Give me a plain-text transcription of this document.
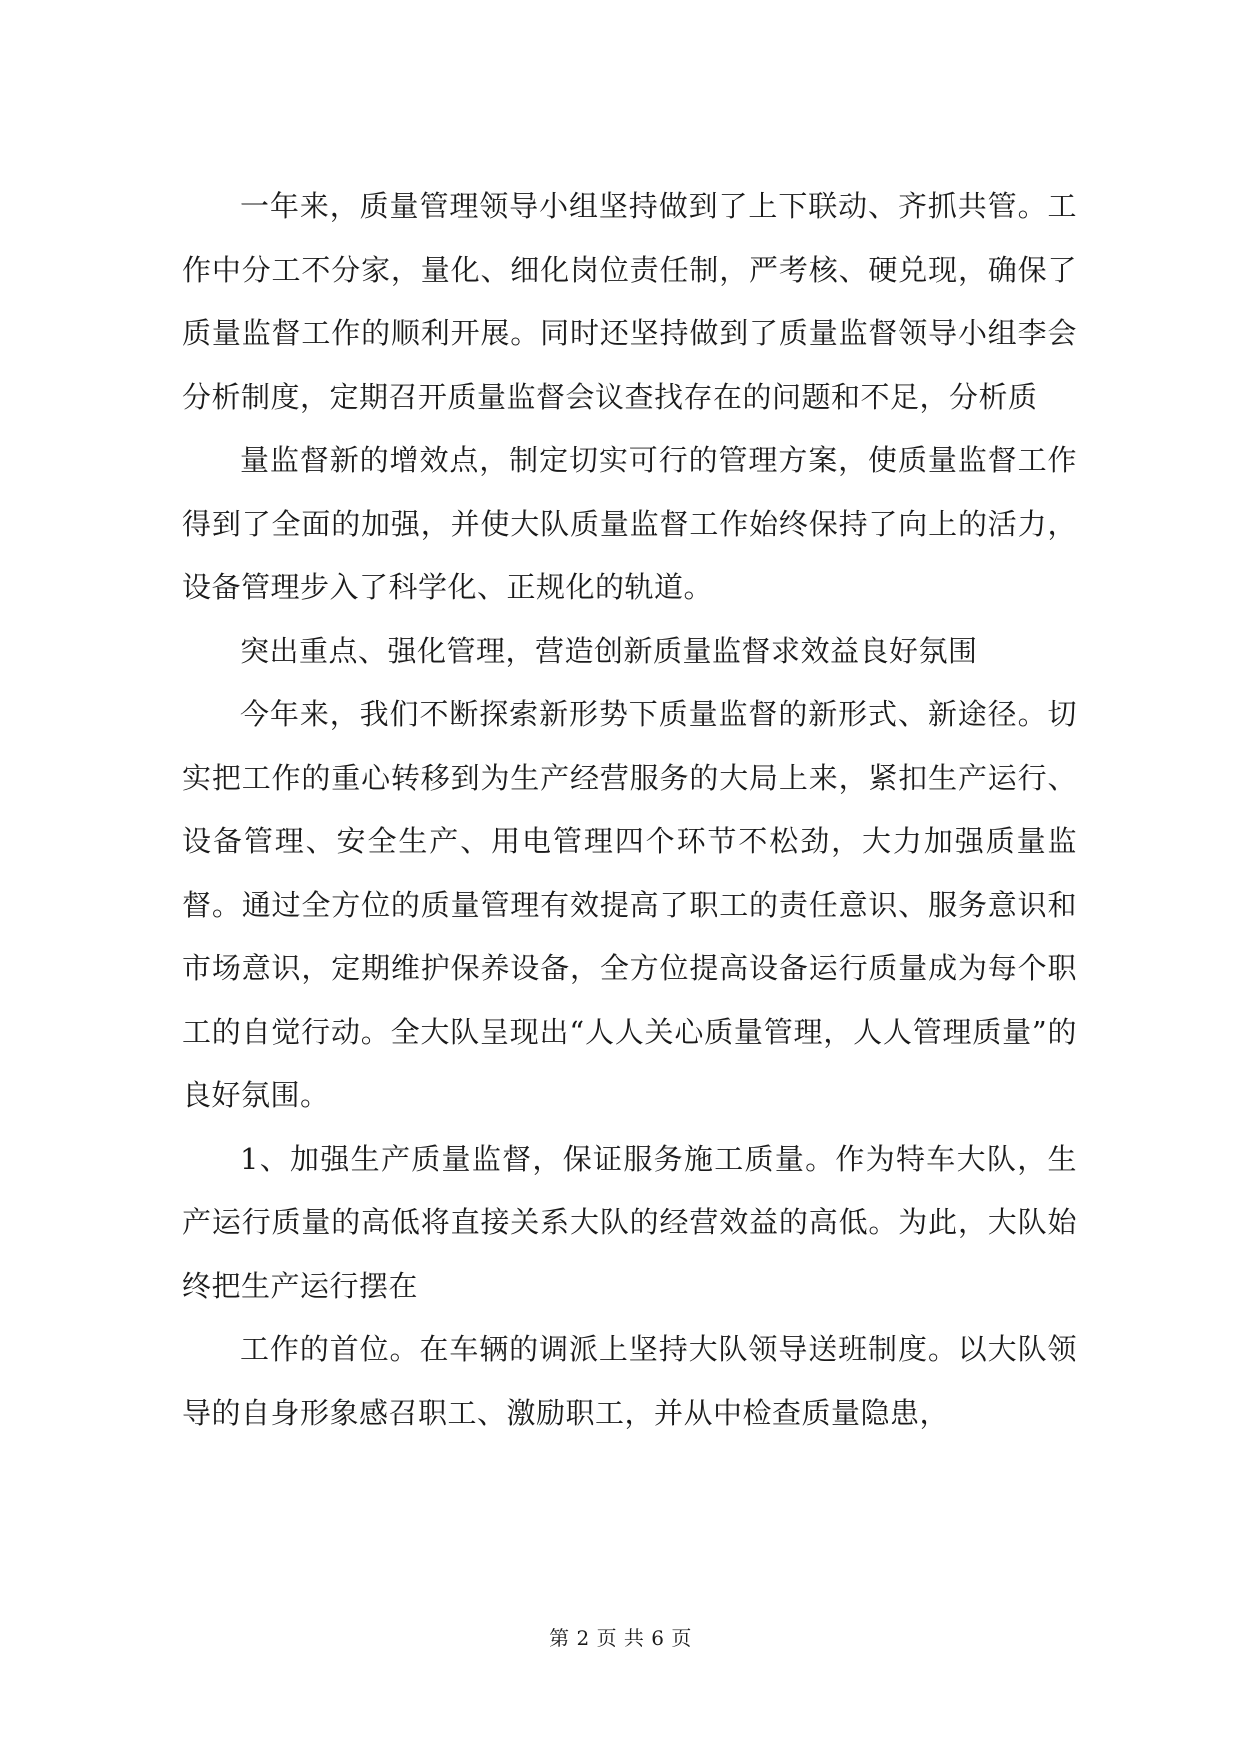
一年来，质量管理领导小组坚持做到了上下联动、齐抓共管。工作中分工不分家，量化、细化岗位责任制，严考核、硬兑现，确保了质量监督工作的顺利开展。同时还坚持做到了质量监督领导小组李会分析制度，定期召开质量监督会议查找存在的问题和不足，分析质

量监督新的增效点，制定切实可行的管理方案，使质量监督工作得到了全面的加强，并使大队质量监督工作始终保持了向上的活力，设备管理步入了科学化、正规化的轨道。

突出重点、强化管理，营造创新质量监督求效益良好氛围

今年来，我们不断探索新形势下质量监督的新形式、新途径。切实把工作的重心转移到为生产经营服务的大局上来，紧扣生产运行、设备管理、安全生产、用电管理四个环节不松劲，大力加强质量监督。通过全方位的质量管理有效提高了职工的责任意识、服务意识和市场意识，定期维护保养设备，全方位提高设备运行质量成为每个职工的自觉行动。全大队呈现出“人人关心质量管理，人人管理质量”的良好氛围。

1、加强生产质量监督，保证服务施工质量。作为特车大队，生产运行质量的高低将直接关系大队的经营效益的高低。为此，大队始终把生产运行摆在

工作的首位。在车辆的调派上坚持大队领导送班制度。以大队领导的自身形象感召职工、激励职工，并从中检查质量隐患，

第 2 页 共 6 页
